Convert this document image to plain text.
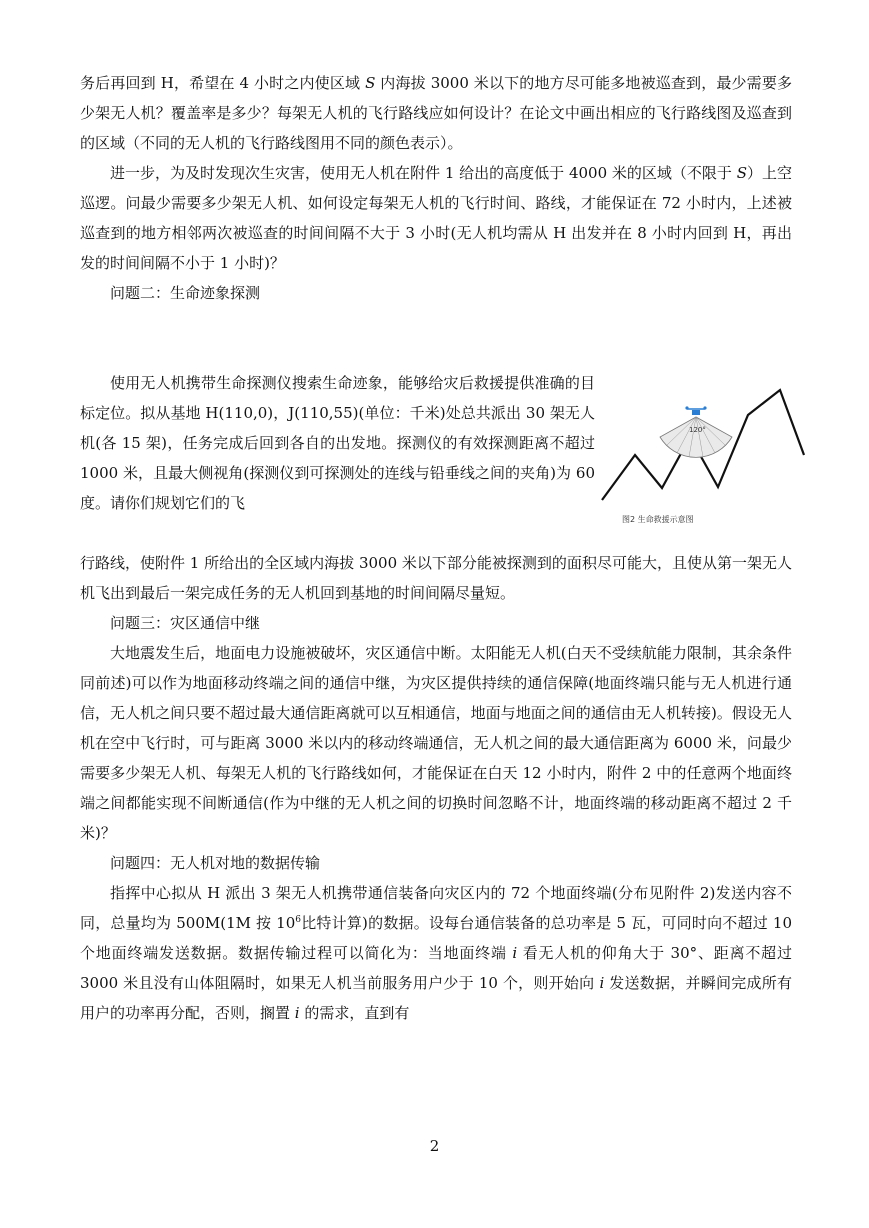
务后再回到 H，希望在 4 小时之内使区域 S 内海拔 3000 米以下的地方尽可能多地被巡查到，最少需要多少架无人机？覆盖率是多少？每架无人机的飞行路线应如何设计？在论文中画出相应的飞行路线图及巡查到的区域（不同的无人机的飞行路线图用不同的颜色表示）。

进一步，为及时发现次生灾害，使用无人机在附件 1 给出的高度低于 4000 米的区域（不限于 S）上空巡逻。问最少需要多少架无人机、如何设定每架无人机的飞行时间、路线，才能保证在 72 小时内，上述被巡查到的地方相邻两次被巡查的时间间隔不大于 3 小时(无人机均需从 H 出发并在 8 小时内回到 H，再出发的时间间隔不小于 1 小时)？

问题二：生命迹象探测

使用无人机携带生命探测仪搜索生命迹象，能够给灾后救援提供准确的目标定位。拟从基地 H(110,0)，J(110,55)(单位：千米)处总共派出 30 架无人机(各 15 架)，任务完成后回到各自的出发地。探测仪的有效探测距离不超过 1000 米，且最大侧视角(探测仪到可探测处的连线与铅垂线之间的夹角)为 60 度。请你们规划它们的飞

120°
图2 生命救援示意图

行路线，使附件 1 所给出的全区域内海拔 3000 米以下部分能被探测到的面积尽可能大，且使从第一架无人机飞出到最后一架完成任务的无人机回到基地的时间间隔尽量短。

问题三：灾区通信中继

大地震发生后，地面电力设施被破坏，灾区通信中断。太阳能无人机(白天不受续航能力限制，其余条件同前述)可以作为地面移动终端之间的通信中继，为灾区提供持续的通信保障(地面终端只能与无人机进行通信，无人机之间只要不超过最大通信距离就可以互相通信，地面与地面之间的通信由无人机转接)。假设无人机在空中飞行时，可与距离 3000 米以内的移动终端通信，无人机之间的最大通信距离为 6000 米，问最少需要多少架无人机、每架无人机的飞行路线如何，才能保证在白天 12 小时内，附件 2 中的任意两个地面终端之间都能实现不间断通信(作为中继的无人机之间的切换时间忽略不计，地面终端的移动距离不超过 2 千米)？

问题四：无人机对地的数据传输

指挥中心拟从 H 派出 3 架无人机携带通信装备向灾区内的 72 个地面终端(分布见附件 2)发送内容不同，总量均为 500M(1M 按 $10^6$比特计算)的数据。设每台通信装备的总功率是 5 瓦，可同时向不超过 10 个地面终端发送数据。数据传输过程可以简化为：当地面终端 i 看无人机的仰角大于 30°、距离不超过 3000 米且没有山体阻隔时，如果无人机当前服务用户少于 10 个，则开始向 i 发送数据，并瞬间完成所有用户的功率再分配，否则，搁置 i 的需求，直到有

2
